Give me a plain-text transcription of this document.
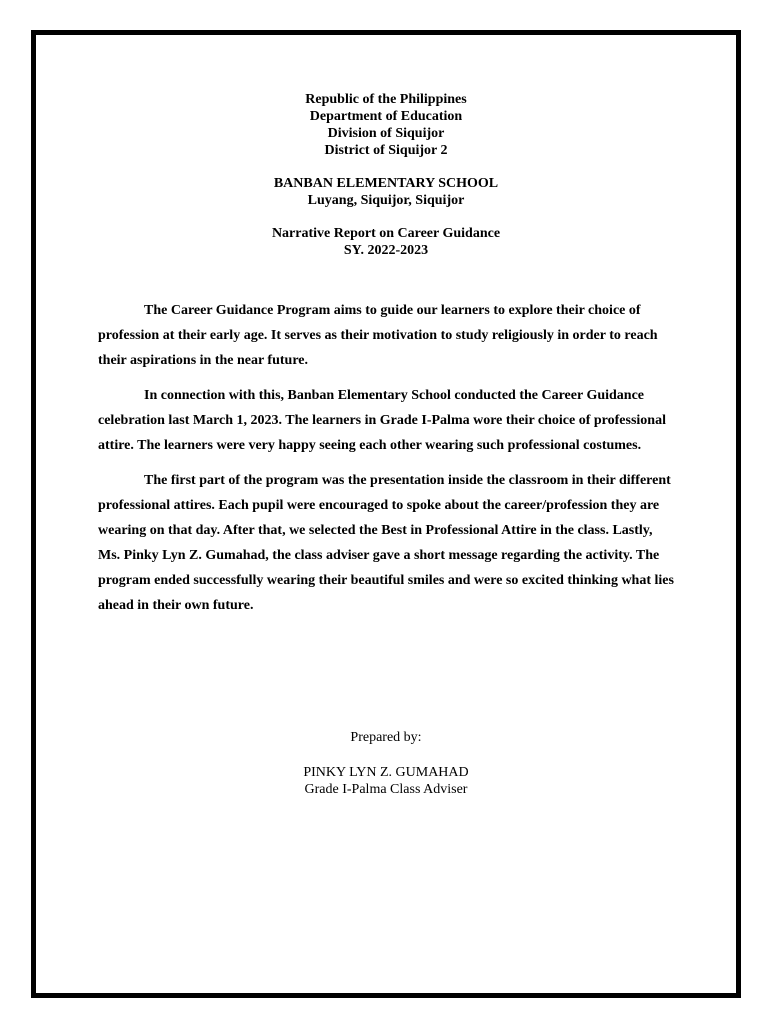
Republic of the Philippines
Department of Education
Division of Siquijor
District of Siquijor 2
BANBAN ELEMENTARY SCHOOL
Luyang, Siquijor, Siquijor
Narrative Report on Career Guidance
SY. 2022-2023

The Career Guidance Program aims to guide our learners to explore their choice of profession at their early age. It serves as their motivation to study religiously in order to reach their aspirations in the near future.

In connection with this, Banban Elementary School conducted the Career Guidance celebration last March 1, 2023. The learners in Grade I-Palma wore their choice of professional attire. The learners were very happy seeing each other wearing such professional costumes.

The first part of the program was the presentation inside the classroom in their different professional attires. Each pupil were encouraged to spoke about the career/profession they are wearing on that day. After that, we selected the Best in Professional Attire in the class. Lastly, Ms. Pinky Lyn Z. Gumahad, the class adviser gave a short message regarding the activity. The program ended successfully wearing their beautiful smiles and were so excited thinking what lies ahead in their own future.

Prepared by:
PINKY LYN Z. GUMAHAD
Grade I-Palma Class Adviser
